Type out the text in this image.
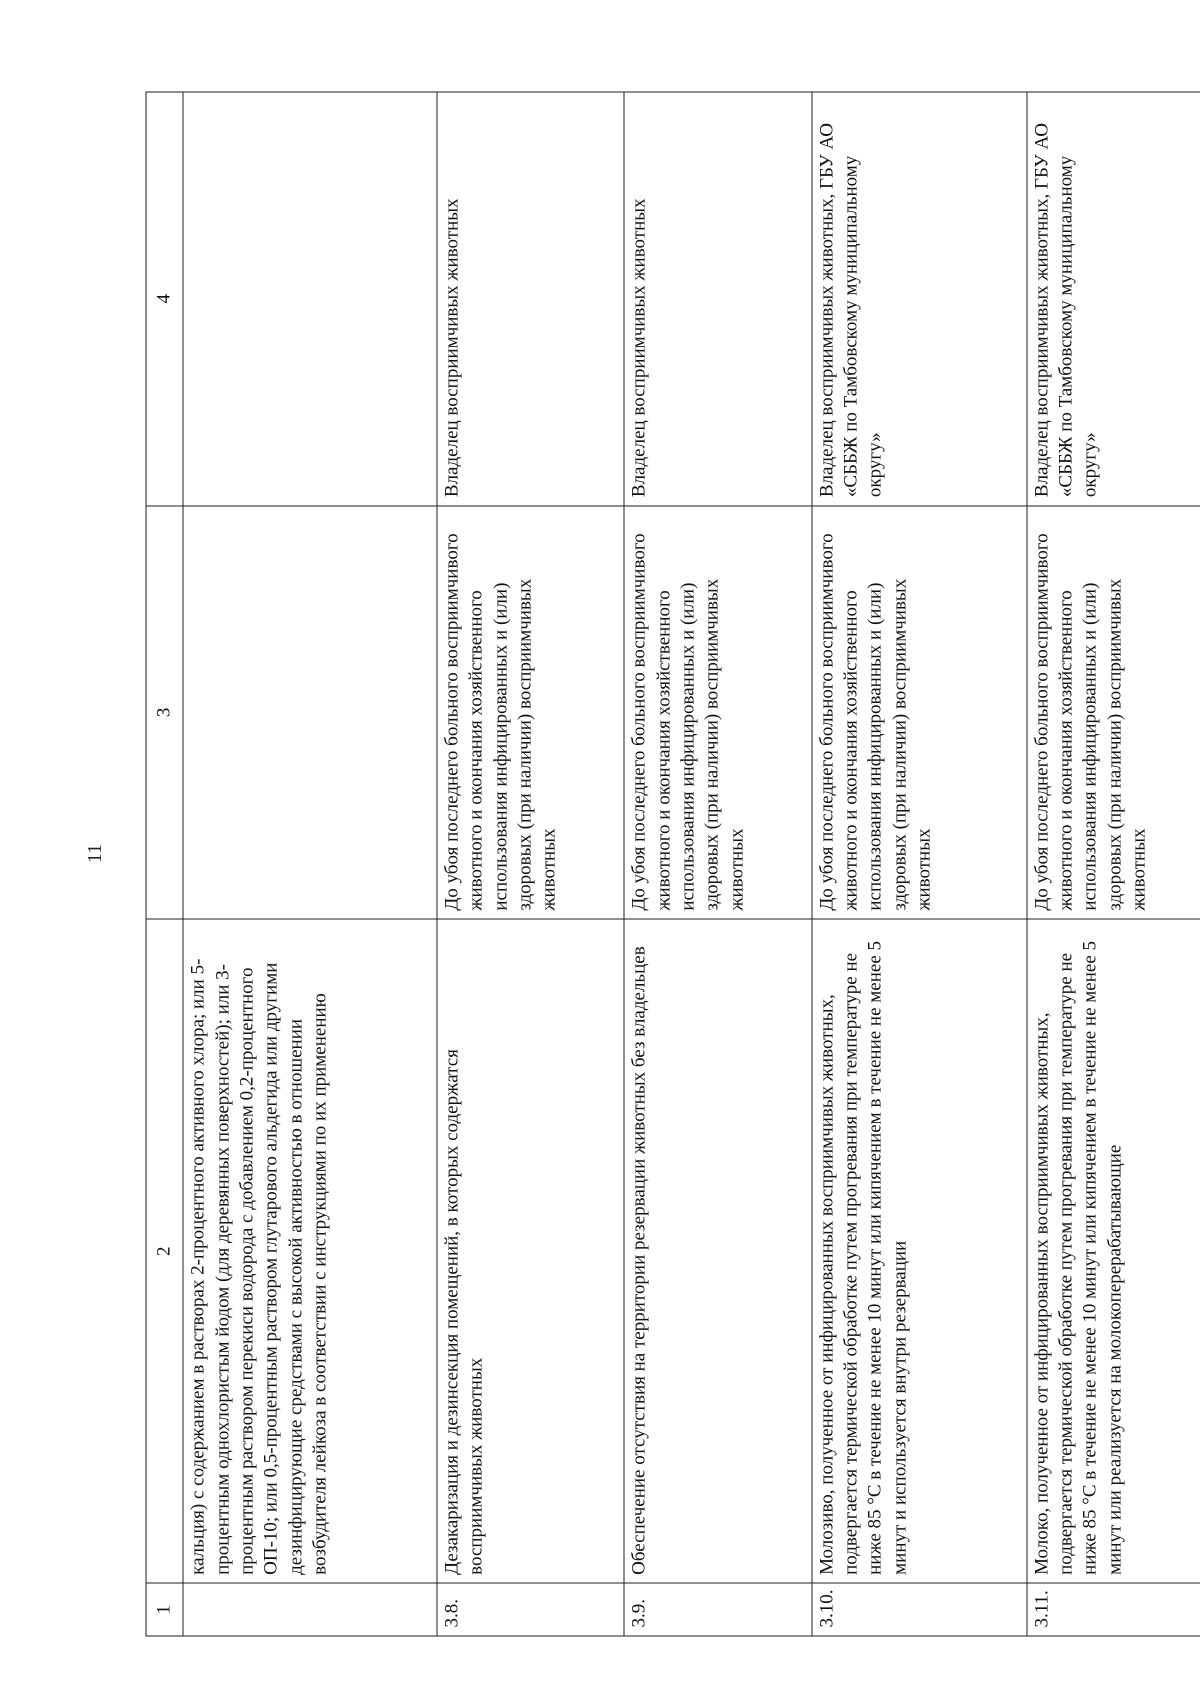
11
1	2	3	4
	кальция) с содержанием в растворах 2-процентного активного хлора; или 5-процентным однохлористым йодом (для деревянных поверхностей); или 3-процентным раствором перекиси водорода с добавлением 0,2-процентного ОП-10; или 0,5-процентным раствором глутарового альдегида или другими дезинфицирующие средствами с высокой активностью в отношении возбудителя лейкоза в соответствии с инструкциями по их применению		
3.8.	Дезакаризация и дезинсекция помещений, в которых содержатся восприимчивых животных	До убоя последнего больного восприимчивого животного и окончания хозяйственного использования инфицированных и (или) здоровых (при наличии) восприимчивых животных	Владелец восприимчивых животных
3.9.	Обеспечение отсутствия на территории резервации животных без владельцев	До убоя последнего больного восприимчивого животного и окончания хозяйственного использования инфицированных и (или) здоровых (при наличии) восприимчивых животных	Владелец восприимчивых животных
3.10.	Молозиво, полученное от инфицированных восприимчивых животных, подвергается термической обработке путем прогревания при температуре не ниже 85 °С в течение не менее 10 минут или кипячением в течение не менее 5 минут и используется внутри резервации	До убоя последнего больного восприимчивого животного и окончания хозяйственного использования инфицированных и (или) здоровых (при наличии) восприимчивых животных	Владелец восприимчивых животных, ГБУ АО «СББЖ по Тамбовскому муниципальному округу»
3.11.	Молоко, полученное от инфицированных восприимчивых животных, подвергается термической обработке путем прогревания при температуре не ниже 85 °С в течение не менее 10 минут или кипячением в течение не менее 5 минут или реализуется на молокоперерабатывающие	До убоя последнего больного восприимчивого животного и окончания хозяйственного использования инфицированных и (или) здоровых (при наличии) восприимчивых животных	Владелец восприимчивых животных, ГБУ АО «СББЖ по Тамбовскому муниципальному округу»
